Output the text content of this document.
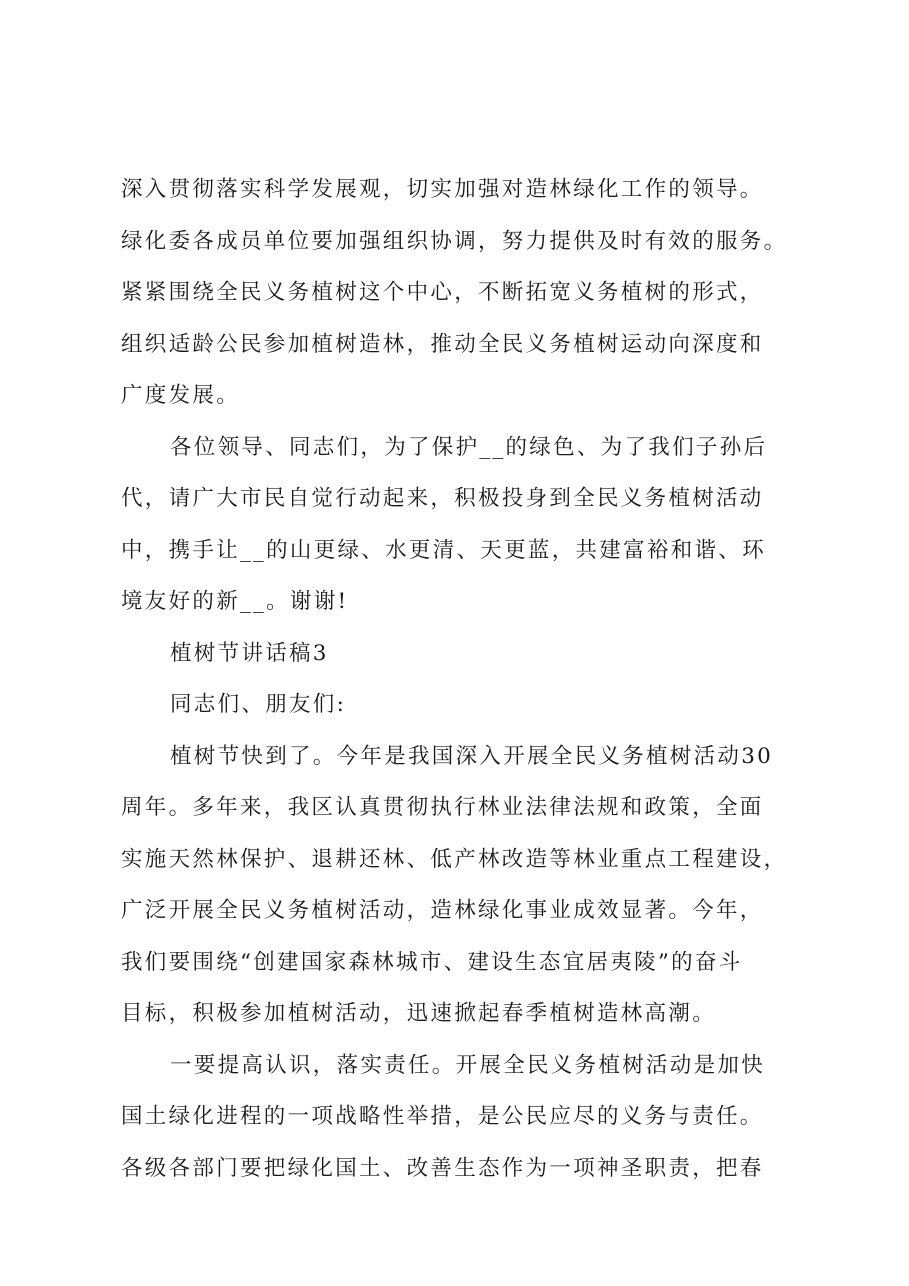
深入贯彻落实科学发展观，切实加强对造林绿化工作的领导。
绿化委各成员单位要加强组织协调，努力提供及时有效的服务。
紧紧围绕全民义务植树这个中心，不断拓宽义务植树的形式，
组织适龄公民参加植树造林，推动全民义务植树运动向深度和
广度发展。
各位领导、同志们，为了保护__的绿色、为了我们子孙后
代，请广大市民自觉行动起来，积极投身到全民义务植树活动
中，携手让__的山更绿、水更清、天更蓝，共建富裕和谐、环
境友好的新__。谢谢!
植树节讲话稿3
同志们、朋友们:
植树节快到了。今年是我国深入开展全民义务植树活动30
周年。多年来，我区认真贯彻执行林业法律法规和政策，全面
实施天然林保护、退耕还林、低产林改造等林业重点工程建设，
广泛开展全民义务植树活动，造林绿化事业成效显著。今年，
我们要围绕“创建国家森林城市、建设生态宜居夷陵”的奋斗
目标，积极参加植树活动，迅速掀起春季植树造林高潮。
一要提高认识，落实责任。开展全民义务植树活动是加快
国土绿化进程的一项战略性举措，是公民应尽的义务与责任。
各级各部门要把绿化国土、改善生态作为一项神圣职责，把春
